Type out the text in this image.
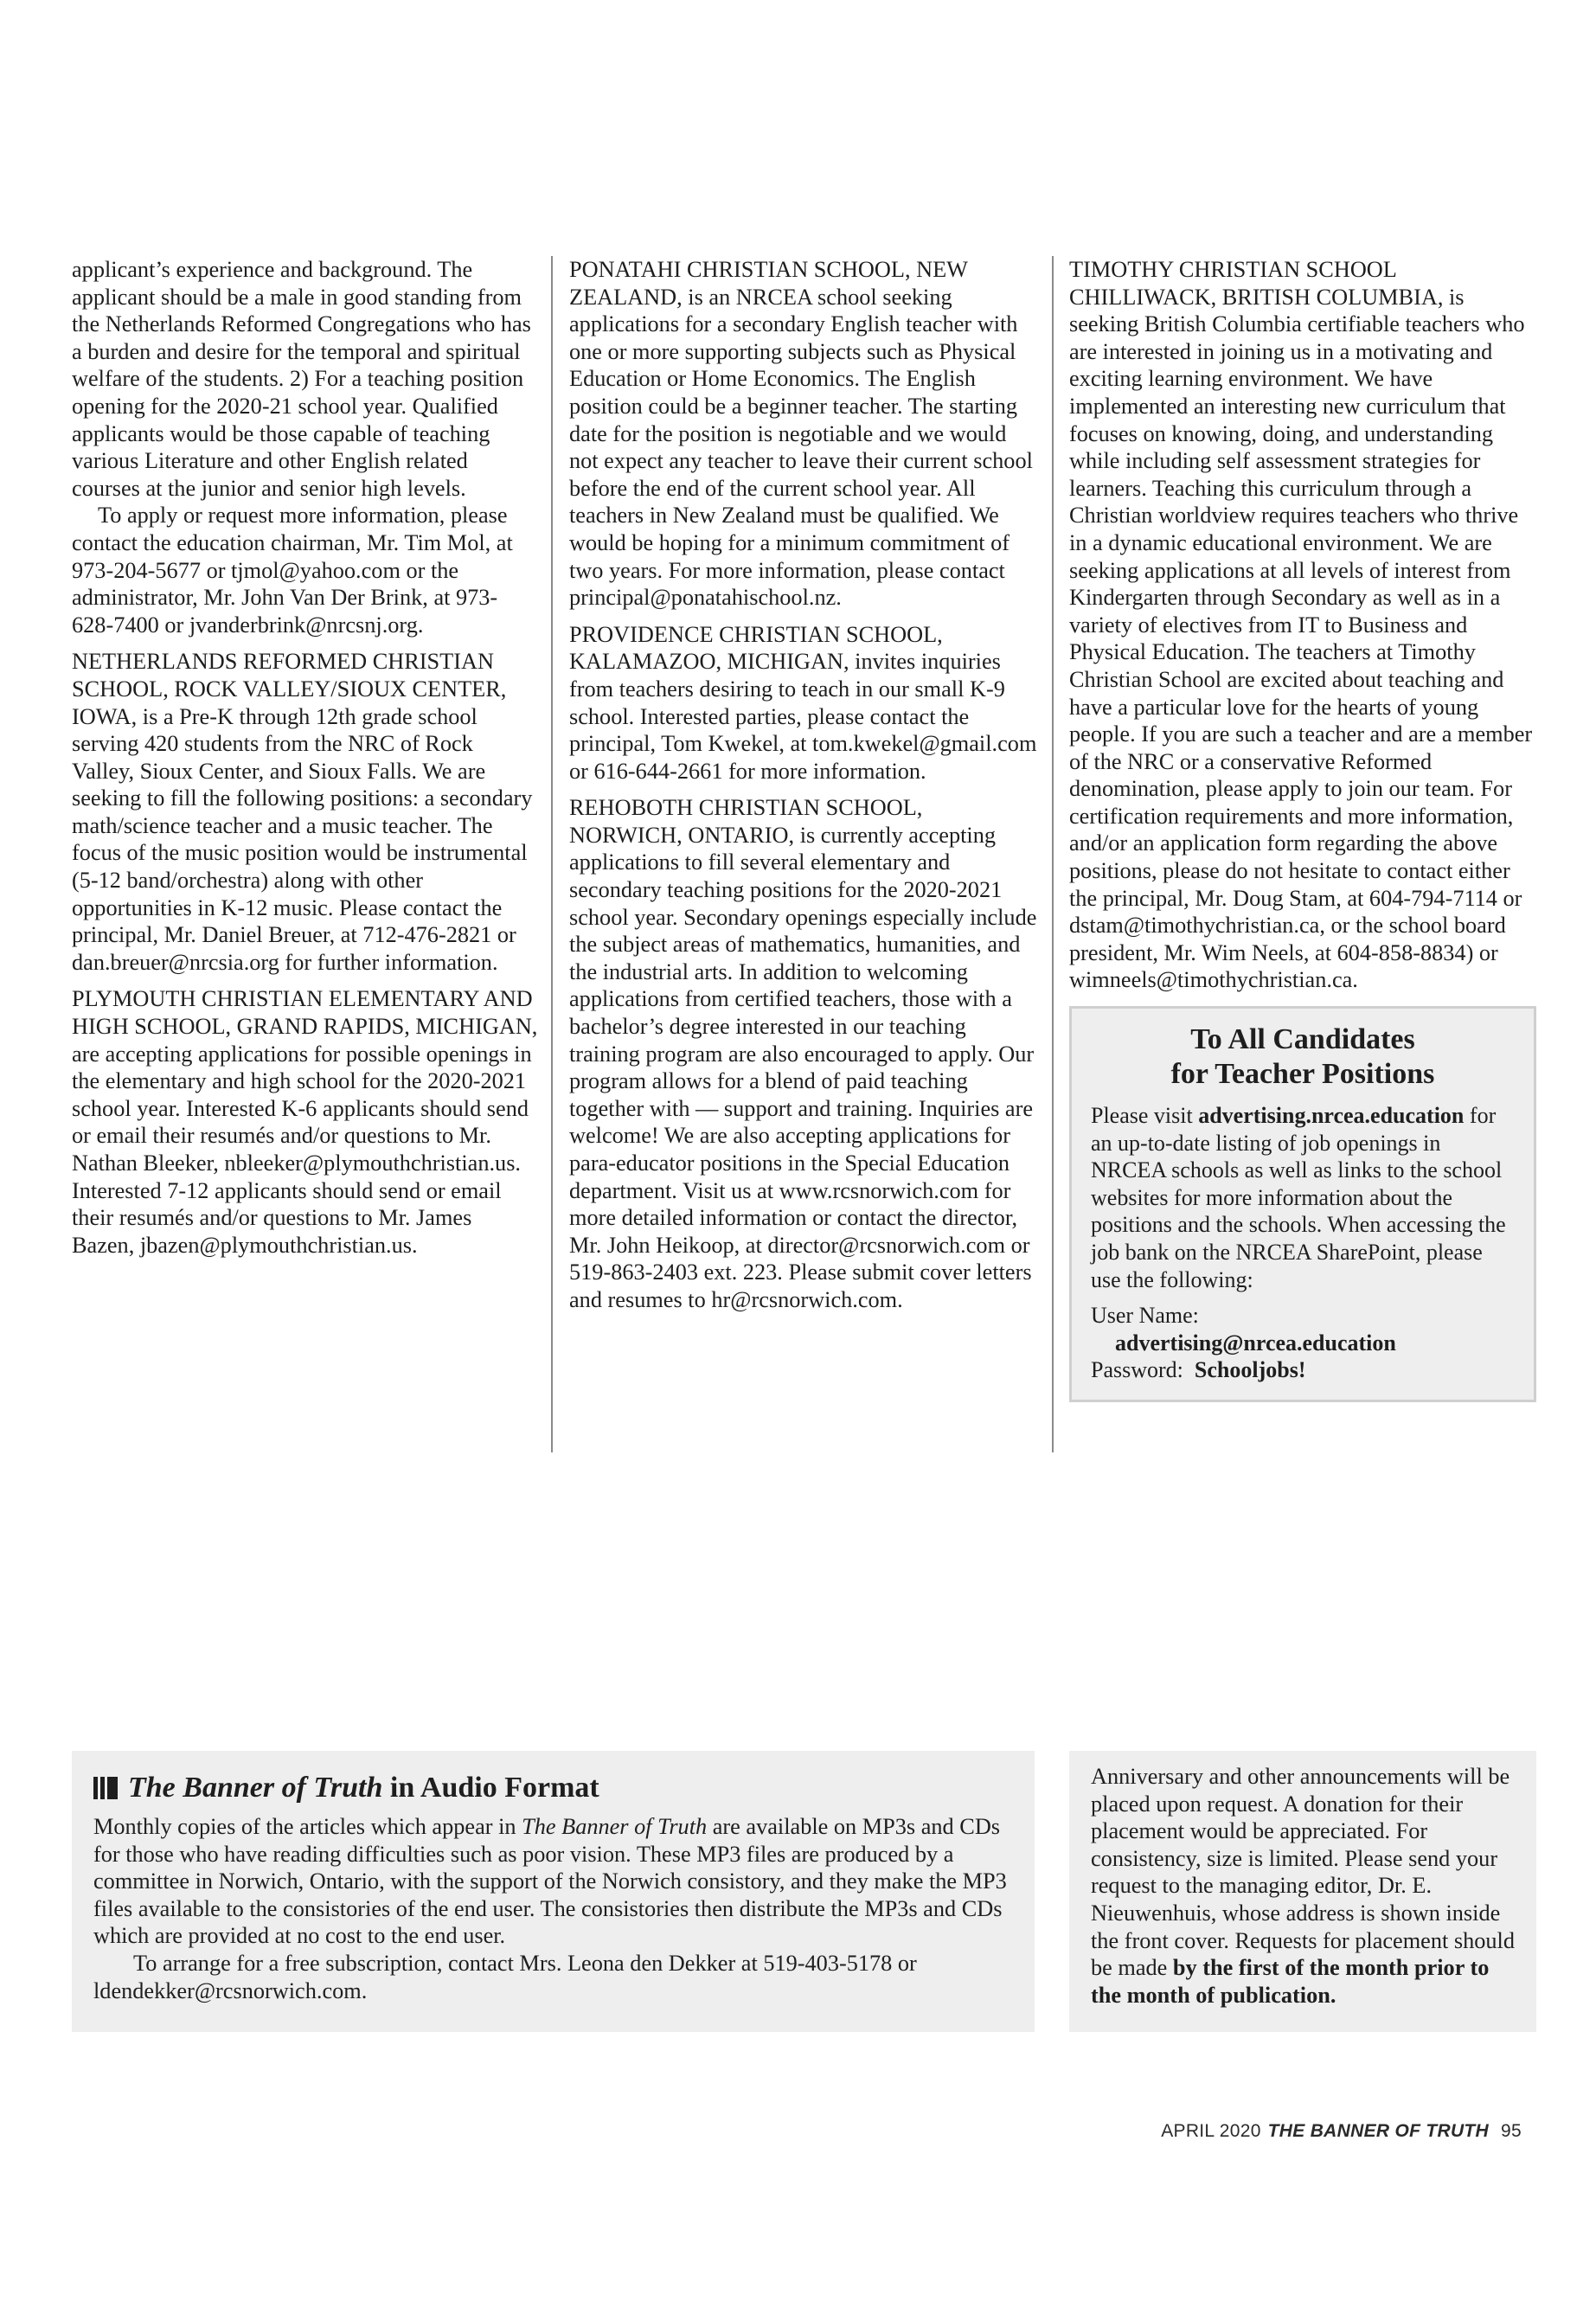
applicant’s experience and background. The applicant should be a male in good standing from the Netherlands Reformed Congregations who has a burden and desire for the temporal and spiritual welfare of the students. 2) For a teaching position opening for the 2020-21 school year. Qualified applicants would be those capable of teaching various Literature and other English related courses at the junior and senior high levels.

To apply or request more information, please contact the education chairman, Mr. Tim Mol, at 973-204-5677 or tjmol@yahoo.com or the administrator, Mr. John Van Der Brink, at 973-628-7400 or jvanderbrink@nrcsnj.org.

NETHERLANDS REFORMED CHRISTIAN SCHOOL, ROCK VALLEY/SIOUX CENTER, IOWA, is a Pre-K through 12th grade school serving 420 students from the NRC of Rock Valley, Sioux Center, and Sioux Falls. We are seeking to fill the following positions: a secondary math/science teacher and a music teacher. The focus of the music position would be instrumental (5-12 band/orchestra) along with other opportunities in K-12 music. Please contact the principal, Mr. Daniel Breuer, at 712-476-2821 or dan.breuer@nrcsia.org for further information.

PLYMOUTH CHRISTIAN ELEMENTARY AND HIGH SCHOOL, GRAND RAPIDS, MICHIGAN, are accepting applications for possible openings in the elementary and high school for the 2020-2021 school year. Interested K-6 applicants should send or email their resumés and/or questions to Mr. Nathan Bleeker, nbleeker@plymouthchristian.us. Interested 7-12 applicants should send or email their resumés and/or questions to Mr. James Bazen, jbazen@plymouthchristian.us.

PONATAHI CHRISTIAN SCHOOL, NEW ZEALAND, is an NRCEA school seeking applications for a secondary English teacher with one or more supporting subjects such as Physical Education or Home Economics. The English position could be a beginner teacher. The starting date for the position is negotiable and we would not expect any teacher to leave their current school before the end of the current school year. All teachers in New Zealand must be qualified. We would be hoping for a minimum commitment of two years. For more information, please contact principal@ponatahischool.nz.

PROVIDENCE CHRISTIAN SCHOOL, KALAMAZOO, MICHIGAN, invites inquiries from teachers desiring to teach in our small K-9 school. Interested parties, please contact the principal, Tom Kwekel, at tom.kwekel@gmail.com or 616-644-2661 for more information.

REHOBOTH CHRISTIAN SCHOOL, NORWICH, ONTARIO, is currently accepting applications to fill several elementary and secondary teaching positions for the 2020-2021 school year. Secondary openings especially include the subject areas of mathematics, humanities, and the industrial arts. In addition to welcoming applications from certified teachers, those with a bachelor’s degree interested in our teaching training program are also encouraged to apply. Our program allows for a blend of paid teaching together with — support and training. Inquiries are welcome! We are also accepting applications for para-educator positions in the Special Education department. Visit us at www.rcsnorwich.com for more detailed information or contact the director, Mr. John Heikoop, at director@rcsnorwich.com or 519-863-2403 ext. 223. Please submit cover letters and resumes to hr@rcsnorwich.com.

TIMOTHY CHRISTIAN SCHOOL CHILLIWACK, BRITISH COLUMBIA, is seeking British Columbia certifiable teachers who are interested in joining us in a motivating and exciting learning environment. We have implemented an interesting new curriculum that focuses on knowing, doing, and understanding while including self assessment strategies for learners. Teaching this curriculum through a Christian worldview requires teachers who thrive in a dynamic educational environment. We are seeking applications at all levels of interest from Kindergarten through Secondary as well as in a variety of electives from IT to Business and Physical Education. The teachers at Timothy Christian School are excited about teaching and have a particular love for the hearts of young people. If you are such a teacher and are a member of the NRC or a conservative Reformed denomination, please apply to join our team. For certification requirements and more information, and/or an application form regarding the above positions, please do not hesitate to contact either the principal, Mr. Doug Stam, at 604-794-7114 or dstam@timothychristian.ca, or the school board president, Mr. Wim Neels, at 604-858-8834) or wimneels@timothychristian.ca.

To All Candidates
for Teacher Positions

Please visit advertising.nrcea.education for an up-to-date listing of job openings in NRCEA schools as well as links to the school websites for more information about the positions and the schools. When accessing the job bank on the NRCEA SharePoint, please use the following:

User Name:

advertising@nrcea.education

Password:  Schooljobs!

The Banner of Truth in Audio Format

Monthly copies of the articles which appear in The Banner of Truth are available on MP3s and CDs for those who have reading difficulties such as poor vision. These MP3 files are produced by a committee in Norwich, Ontario, with the support of the Norwich consistory, and they make the MP3 files available to the consistories of the end user. The consistories then distribute the MP3s and CDs which are provided at no cost to the end user.

To arrange for a free subscription, contact Mrs. Leona den Dekker at 519-403-5178 or ldendekker@rcsnorwich.com.

Anniversary and other announcements will be placed upon request. A donation for their placement would be appreciated. For consistency, size is limited. Please send your request to the managing editor, Dr. E. Nieuwenhuis, whose address is shown inside the front cover. Requests for placement should be made by the first of the month prior to the month of publication.

APRIL 2020 THE BANNER OF TRUTH 95
